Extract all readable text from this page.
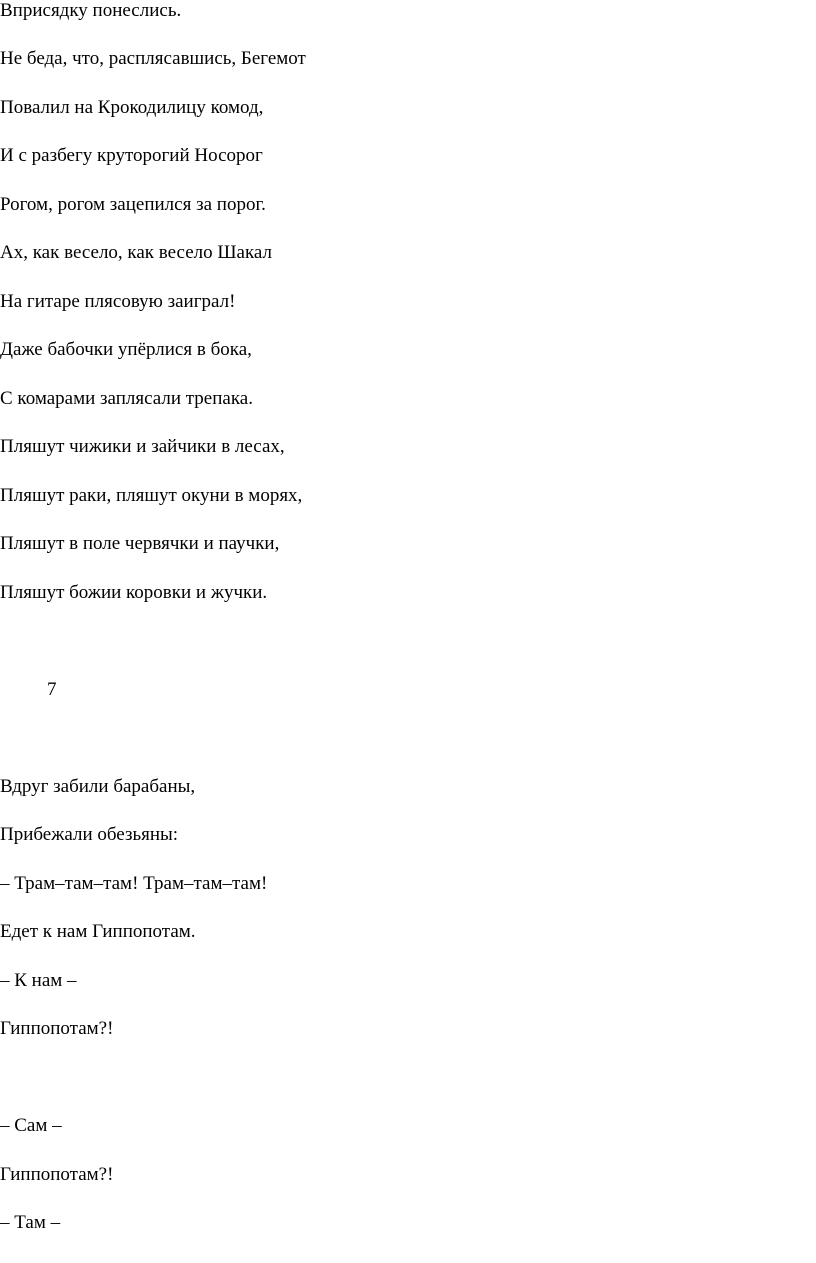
Вприсядку понеслись.
Не беда, что, расплясавшись, Бегемот
Повалил на Крокодилицу комод,
И с разбегу круторогий Носорог
Рогом, рогом зацепился за порог.
Ах, как весело, как весело Шакал
На гитаре плясовую заиграл!
Даже бабочки упёрлися в бока,
С комарами заплясали трепака.
Пляшут чижики и зайчики в лесах,
Пляшут раки, пляшут окуни в морях,
Пляшут в поле червячки и паучки,
Пляшут божии коровки и жучки.
7
Вдруг забили барабаны,
Прибежали обезьяны:
– Трам–там–там! Трам–там–там!
Едет к нам Гиппопотам.
– К нам –
Гиппопотам?!
– Сам –
Гиппопотам?!
– Там –
